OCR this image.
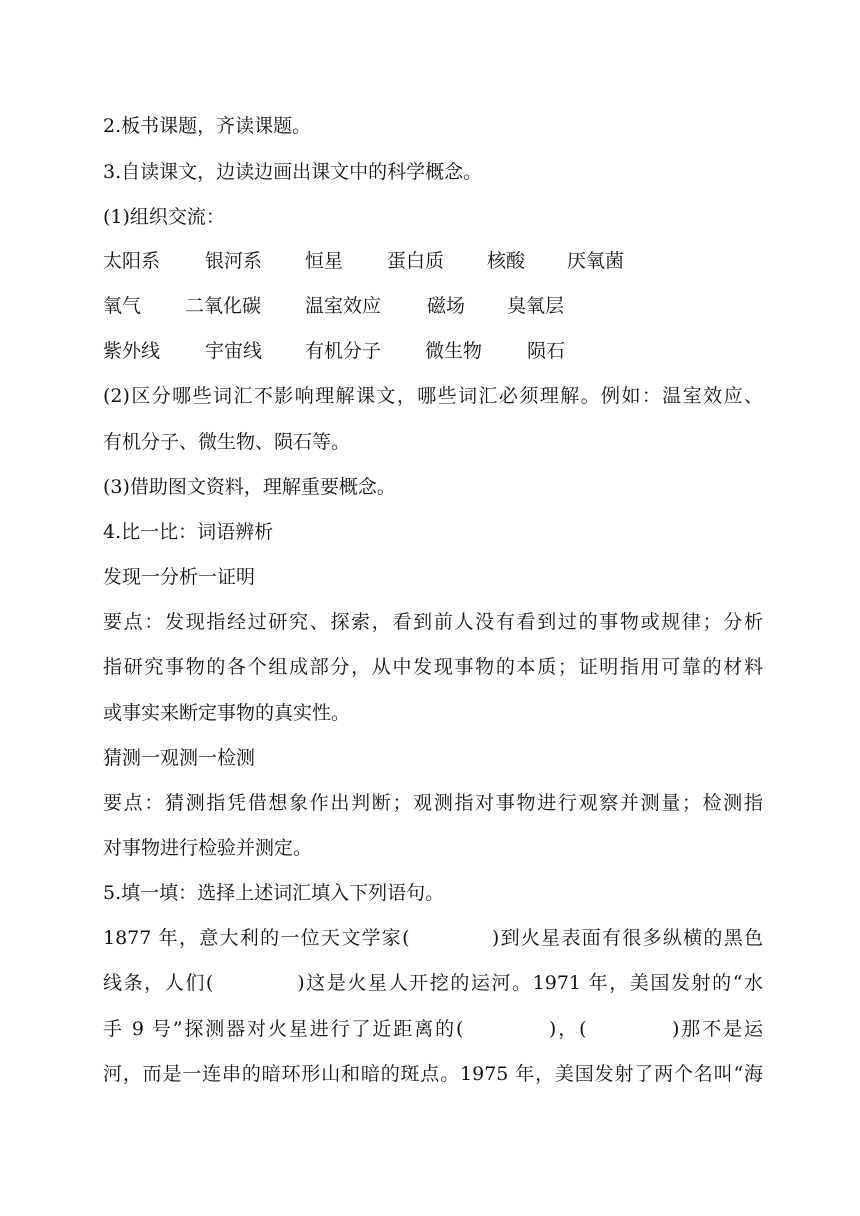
2.板书课题，齐读课题。
3.自读课文，边读边画出课文中的科学概念。
(1)组织交流：
太阳系 银河系 恒星 蛋白质 核酸 厌氧菌
氧气 二氧化碳 温室效应 磁场 臭氧层
紫外线 宇宙线 有机分子 微生物 陨石
(2)区分哪些词汇不影响理解课文，哪些词汇必须理解。例如：温室效应、
有机分子、微生物、陨石等。
(3)借助图文资料，理解重要概念。
4.比一比：词语辨析
发现一分析一证明
要点：发现指经过研究、探索，看到前人没有看到过的事物或规律；分析
指研究事物的各个组成部分，从中发现事物的本质；证明指用可靠的材料
或事实来断定事物的真实性。
猜测一观测一检测
要点：猜测指凭借想象作出判断；观测指对事物进行观察并测量；检测指
对事物进行检验并测定。
5.填一填：选择上述词汇填入下列语句。
1877 年，意大利的一位天文学家(　　　　)到火星表面有很多纵横的黑色
线条，人们(　　　　)这是火星人开挖的运河。1971 年，美国发射的“水
手 9 号”探测器对火星进行了近距离的(　　　　)，(　　　　)那不是运
河，而是一连串的暗环形山和暗的斑点。1975 年，美国发射了两个名叫“海
